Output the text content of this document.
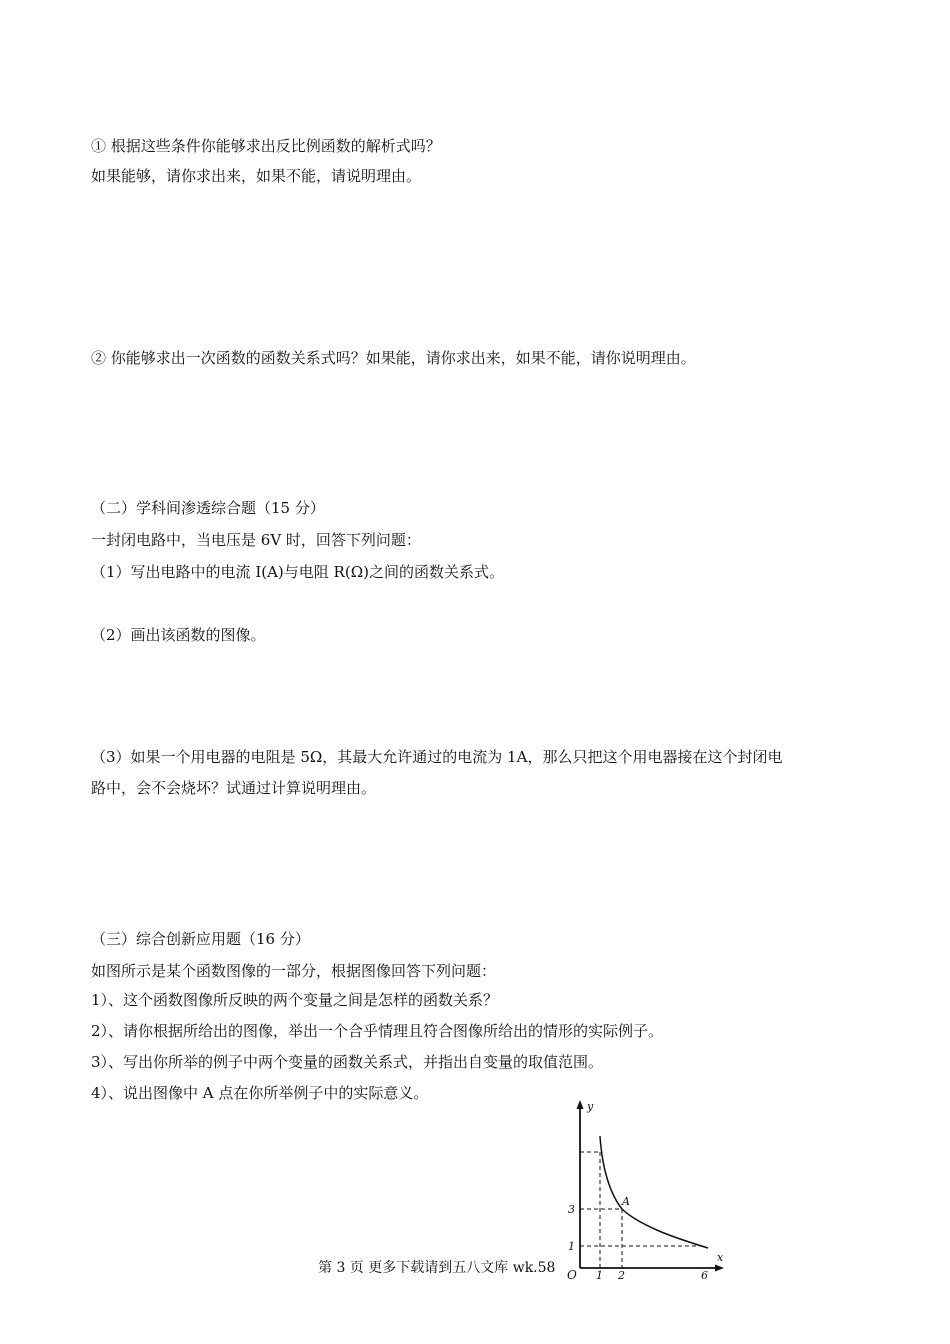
① 根据这些条件你能够求出反比例函数的解析式吗？
如果能够，请你求出来，如果不能，请说明理由。
② 你能够求出一次函数的函数关系式吗？如果能，请你求出来，如果不能，请你说明理由。
（二）学科间渗透综合题（15 分）
一封闭电路中，当电压是 6V 时，回答下列问题：
（1）写出电路中的电流 I(A)与电阻 R(Ω)之间的函数关系式。
（2）画出该函数的图像。
（3）如果一个用电器的电阻是 5Ω，其最大允许通过的电流为 1A，那么只把这个用电器接在这个封闭电
路中，会不会烧坏？试通过计算说明理由。
（三）综合创新应用题（16 分）
如图所示是某个函数图像的一部分，根据图像回答下列问题：
1）、这个函数图像所反映的两个变量之间是怎样的函数关系？
2）、请你根据所给出的图像，举出一个合乎情理且符合图像所给出的情形的实际例子。
3）、写出你所举的例子中两个变量的函数关系式，并指出自变量的取值范围。
4）、说出图像中 A 点在你所举例子中的实际意义。
y
x
O
A
3
1
1 2	6
第 3 页 更多下载请到五八文库 wk.58
